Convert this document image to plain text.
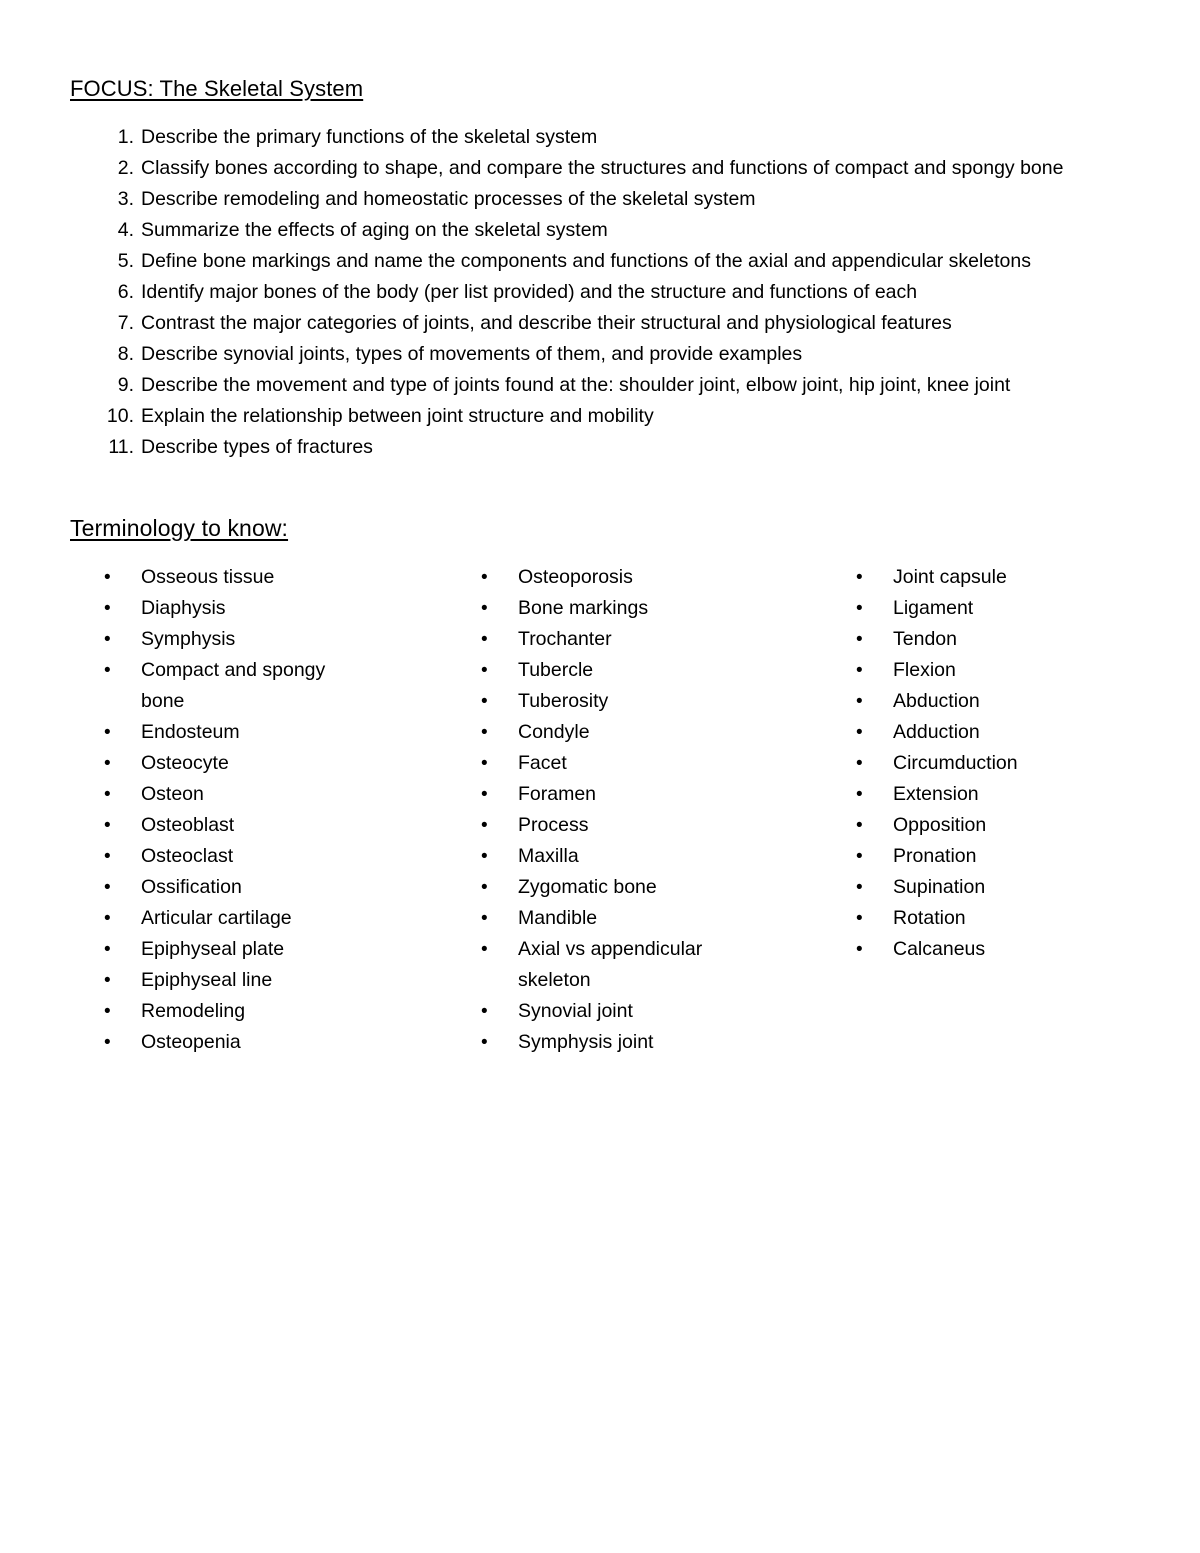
FOCUS: The Skeletal System
1. Describe the primary functions of the skeletal system
2. Classify bones according to shape, and compare the structures and functions of compact and spongy bone
3. Describe remodeling and homeostatic processes of the skeletal system
4. Summarize the effects of aging on the skeletal system
5. Define bone markings and name the components and functions of the axial and appendicular skeletons
6. Identify major bones of the body (per list provided) and the structure and functions of each
7. Contrast the major categories of joints, and describe their structural and physiological features
8. Describe synovial joints, types of movements of them, and provide examples
9. Describe the movement and type of joints found at the: shoulder joint, elbow joint, hip joint, knee joint
10. Explain the relationship between joint structure and mobility
11. Describe types of fractures
Terminology to know:
• Osseous tissue
• Diaphysis
• Symphysis
• Compact and spongy bone
• Endosteum
• Osteocyte
• Osteon
• Osteoblast
• Osteoclast
• Ossification
• Articular cartilage
• Epiphyseal plate
• Epiphyseal line
• Remodeling
• Osteopenia
• Osteoporosis
• Bone markings
• Trochanter
• Tubercle
• Tuberosity
• Condyle
• Facet
• Foramen
• Process
• Maxilla
• Zygomatic bone
• Mandible
• Axial vs appendicular skeleton
• Synovial joint
• Symphysis joint
• Joint capsule
• Ligament
• Tendon
• Flexion
• Abduction
• Adduction
• Circumduction
• Extension
• Opposition
• Pronation
• Supination
• Rotation
• Calcaneus
